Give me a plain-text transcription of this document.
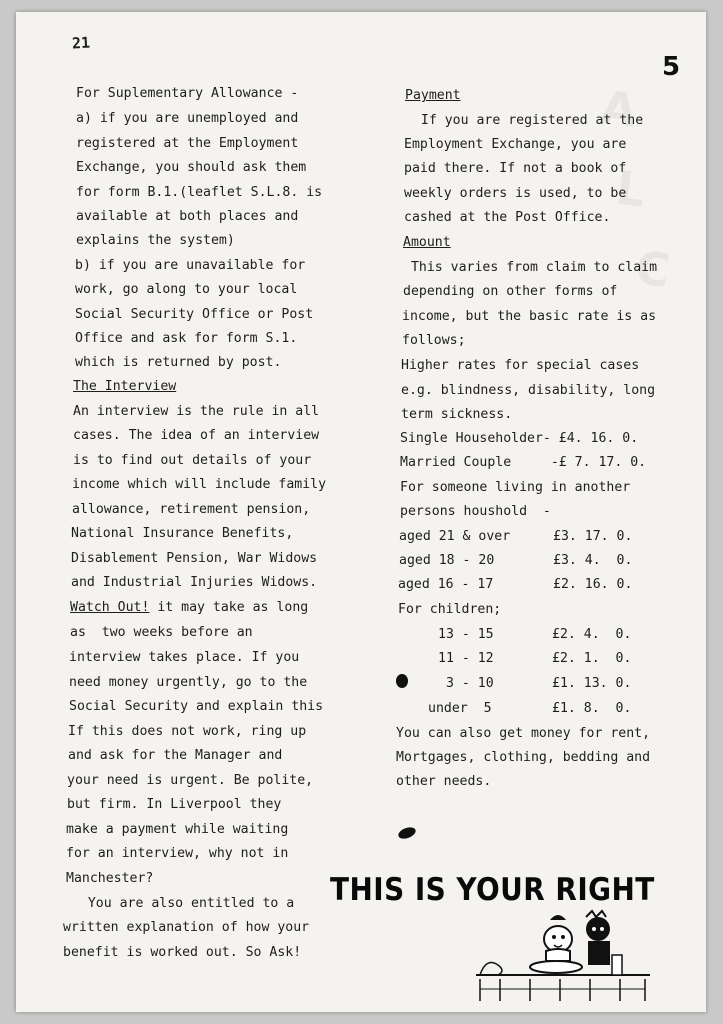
A
L
C
21
5
For Suplementary Allowance -
a) if you are unemployed and
registered at the Employment
Exchange, you should ask them
for form B.1.(leaflet S.L.8. is
available at both places and
explains the system)
b) if you are unavailable for
work, go along to your local
Social Security Office or Post
Office and ask for form S.1.
which is returned by post.
The Interview
An interview is the rule in all
cases. The idea of an interview
is to find out details of your
income which will include family
allowance, retirement pension,
National Insurance Benefits,
Disablement Pension, War Widows
and Industrial Injuries Widows.
Watch Out! it may take as long
as  two weeks before an
interview takes place. If you
need money urgently, go to the
Social Security and explain this
If this does not work, ring up
and ask for the Manager and
your need is urgent. Be polite,
but firm. In Liverpool they
make a payment while waiting
for an interview, why not in
Manchester?
You are also entitled to a
written explanation of how your
benefit is worked out. So Ask!
Payment
If you are registered at the
Employment Exchange, you are
paid there. If not a book of
weekly orders is used, to be
cashed at the Post Office.
Amount
This varies from claim to claim
depending on other forms of
income, but the basic rate is as
follows;
Higher rates for special cases
e.g. blindness, disability, long
term sickness.
Single Householder- £4. 16. 0.
Married Couple     -£ 7. 17. 0.
For someone living in another
persons houshold  -
aged 21 & over	£3. 17. 0.
aged 18 - 20	£3. 4.  0.
aged 16 - 17	£2. 16. 0.
For children;
13 - 15	£2. 4.  0.
11 - 12	£2. 1.  0.
3 - 10	£1. 13. 0.
under  5	£1. 8.  0.
You can also get money for rent,
Mortgages, clothing, bedding and
other needs.
THIS IS YOUR RIGHT
